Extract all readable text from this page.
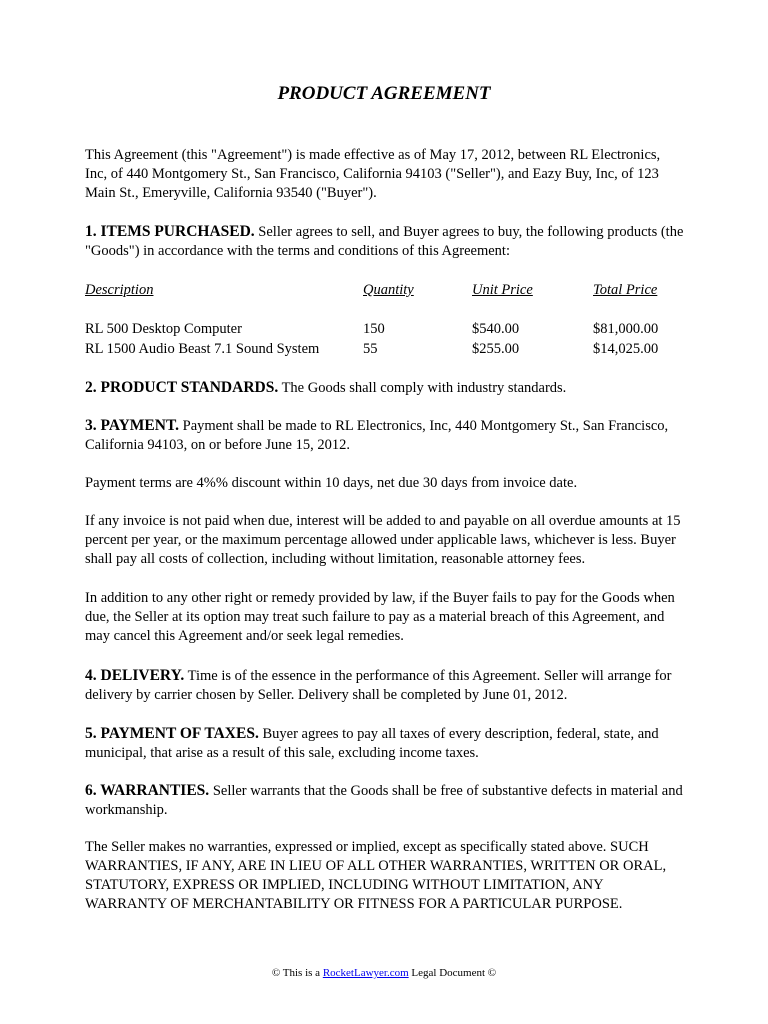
PRODUCT AGREEMENT

This Agreement (this "Agreement") is made effective as of May 17, 2012, between RL Electronics, Inc, of 440 Montgomery St., San Francisco, California 94103 ("Seller"), and Eazy Buy, Inc, of 123 Main St., Emeryville, California 93540 ("Buyer").

1. ITEMS PURCHASED. Seller agrees to sell, and Buyer agrees to buy, the following products (the "Goods") in accordance with the terms and conditions of this Agreement:

Description	Quantity	Unit Price	Total Price
RL 500 Desktop Computer	150	$540.00	$81,000.00
RL 1500 Audio Beast 7.1 Sound System	55	$255.00	$14,025.00

2. PRODUCT STANDARDS. The Goods shall comply with industry standards.

3. PAYMENT. Payment shall be made to RL Electronics, Inc, 440 Montgomery St., San Francisco, California 94103, on or before June 15, 2012.

Payment terms are 4%% discount within 10 days, net due 30 days from invoice date.

If any invoice is not paid when due, interest will be added to and payable on all overdue amounts at 15 percent per year, or the maximum percentage allowed under applicable laws, whichever is less. Buyer shall pay all costs of collection, including without limitation, reasonable attorney fees.

In addition to any other right or remedy provided by law, if the Buyer fails to pay for the Goods when due, the Seller at its option may treat such failure to pay as a material breach of this Agreement, and may cancel this Agreement and/or seek legal remedies.

4. DELIVERY. Time is of the essence in the performance of this Agreement. Seller will arrange for delivery by carrier chosen by Seller. Delivery shall be completed by June 01, 2012.

5. PAYMENT OF TAXES. Buyer agrees to pay all taxes of every description, federal, state, and municipal, that arise as a result of this sale, excluding income taxes.

6. WARRANTIES. Seller warrants that the Goods shall be free of substantive defects in material and workmanship.

The Seller makes no warranties, expressed or implied, except as specifically stated above. SUCH WARRANTIES, IF ANY, ARE IN LIEU OF ALL OTHER WARRANTIES, WRITTEN OR ORAL, STATUTORY, EXPRESS OR IMPLIED, INCLUDING WITHOUT LIMITATION, ANY WARRANTY OF MERCHANTABILITY OR FITNESS FOR A PARTICULAR PURPOSE.

© This is a RocketLawyer.com Legal Document ©
